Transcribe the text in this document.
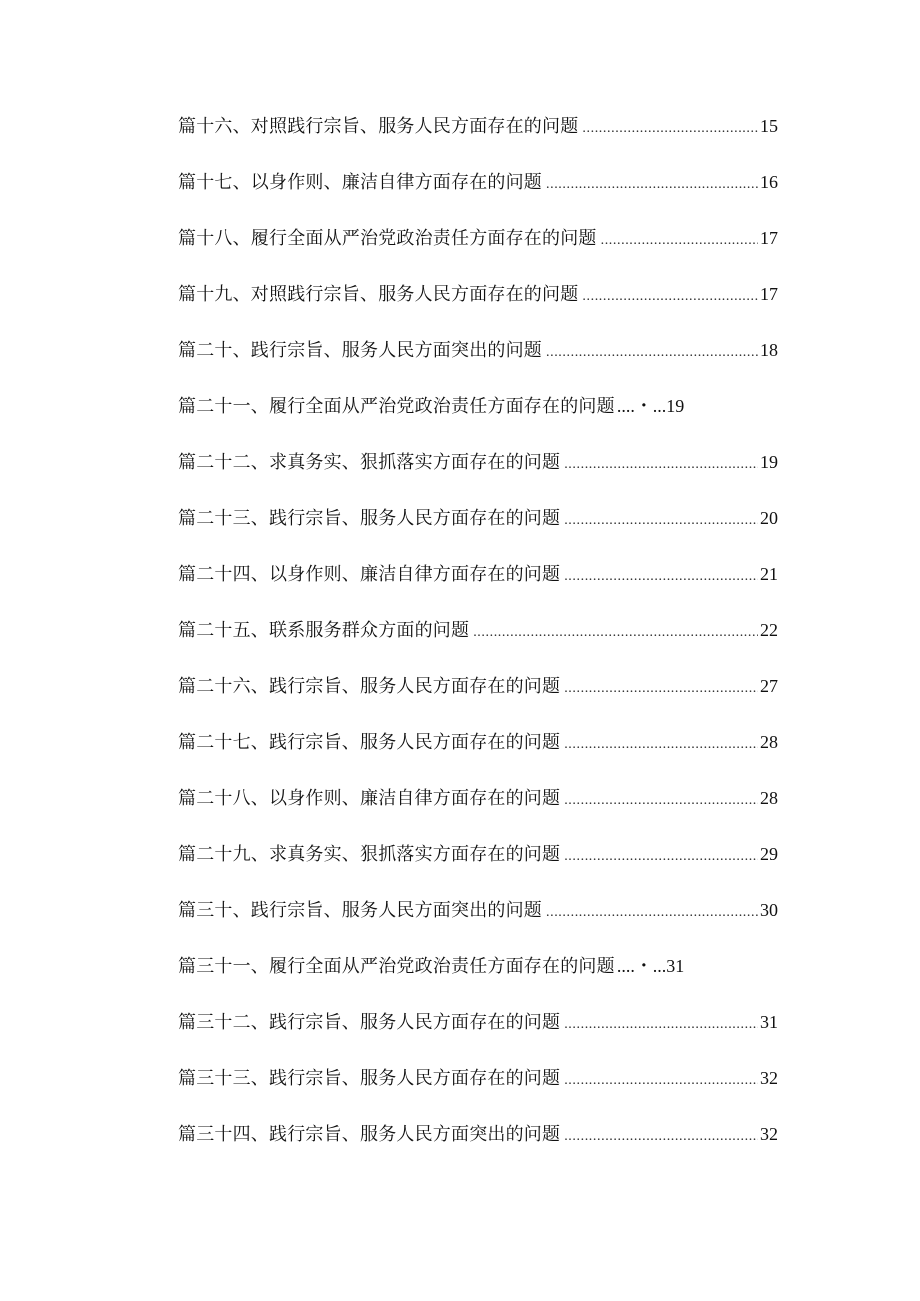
篇十六、对照践行宗旨、服务人民方面存在的问题 .....	15
篇十七、以身作则、廉洁自律方面存在的问题 .....	16
篇十八、履行全面从严治党政治责任方面存在的问题 .....	17
篇十九、对照践行宗旨、服务人民方面存在的问题 .....	17
篇二十、践行宗旨、服务人民方面突出的问题 .....	18
篇二十一、履行全面从严治党政治责任方面存在的问题 ....・...19
篇二十二、求真务实、狠抓落实方面存在的问题 .....	19
篇二十三、践行宗旨、服务人民方面存在的问题 .....	20
篇二十四、以身作则、廉洁自律方面存在的问题 .....	21
篇二十五、联系服务群众方面的问题 .....	22
篇二十六、践行宗旨、服务人民方面存在的问题 .....	27
篇二十七、践行宗旨、服务人民方面存在的问题 .....	28
篇二十八、以身作则、廉洁自律方面存在的问题 .....	28
篇二十九、求真务实、狠抓落实方面存在的问题 .....	29
篇三十、践行宗旨、服务人民方面突出的问题 .....	30
篇三十一、履行全面从严治党政治责任方面存在的问题 ....・...31
篇三十二、践行宗旨、服务人民方面存在的问题 .....	31
篇三十三、践行宗旨、服务人民方面存在的问题 .....	32
篇三十四、践行宗旨、服务人民方面突出的问题 .....	32
